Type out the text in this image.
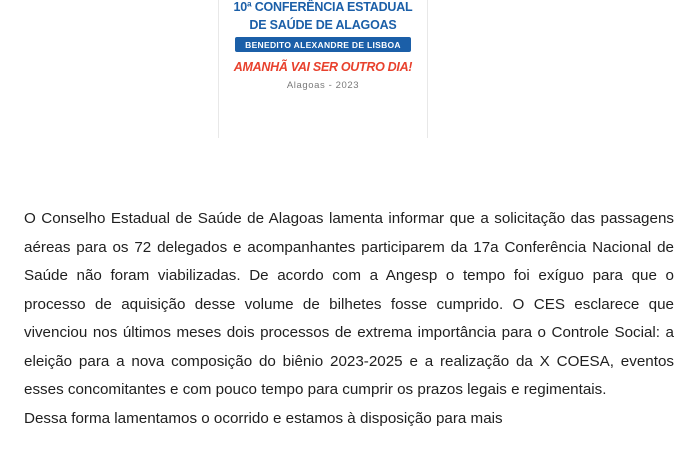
10ª CONFERÊNCIA ESTADUAL
DE SAÚDE DE ALAGOAS
BENEDITO ALEXANDRE DE LISBOA
AMANHÃ VAI SER OUTRO DIA!
Alagoas - 2023

O Conselho Estadual de Saúde de Alagoas lamenta informar que a solicitação das passagens aéreas para os 72 delegados e acompanhantes participarem da 17a Conferência Nacional de Saúde não foram viabilizadas. De acordo com a Angesp o tempo foi exíguo para que o processo de aquisição desse volume de bilhetes fosse cumprido. O CES esclarece que vivenciou nos últimos meses dois processos de extrema importância para o Controle Social: a eleição para a nova composição do biênio 2023-2025 e a realização da X COESA, eventos esses concomitantes e com pouco tempo para cumprir os prazos legais e regimentais.

Dessa forma lamentamos o ocorrido e estamos à disposição para mais
